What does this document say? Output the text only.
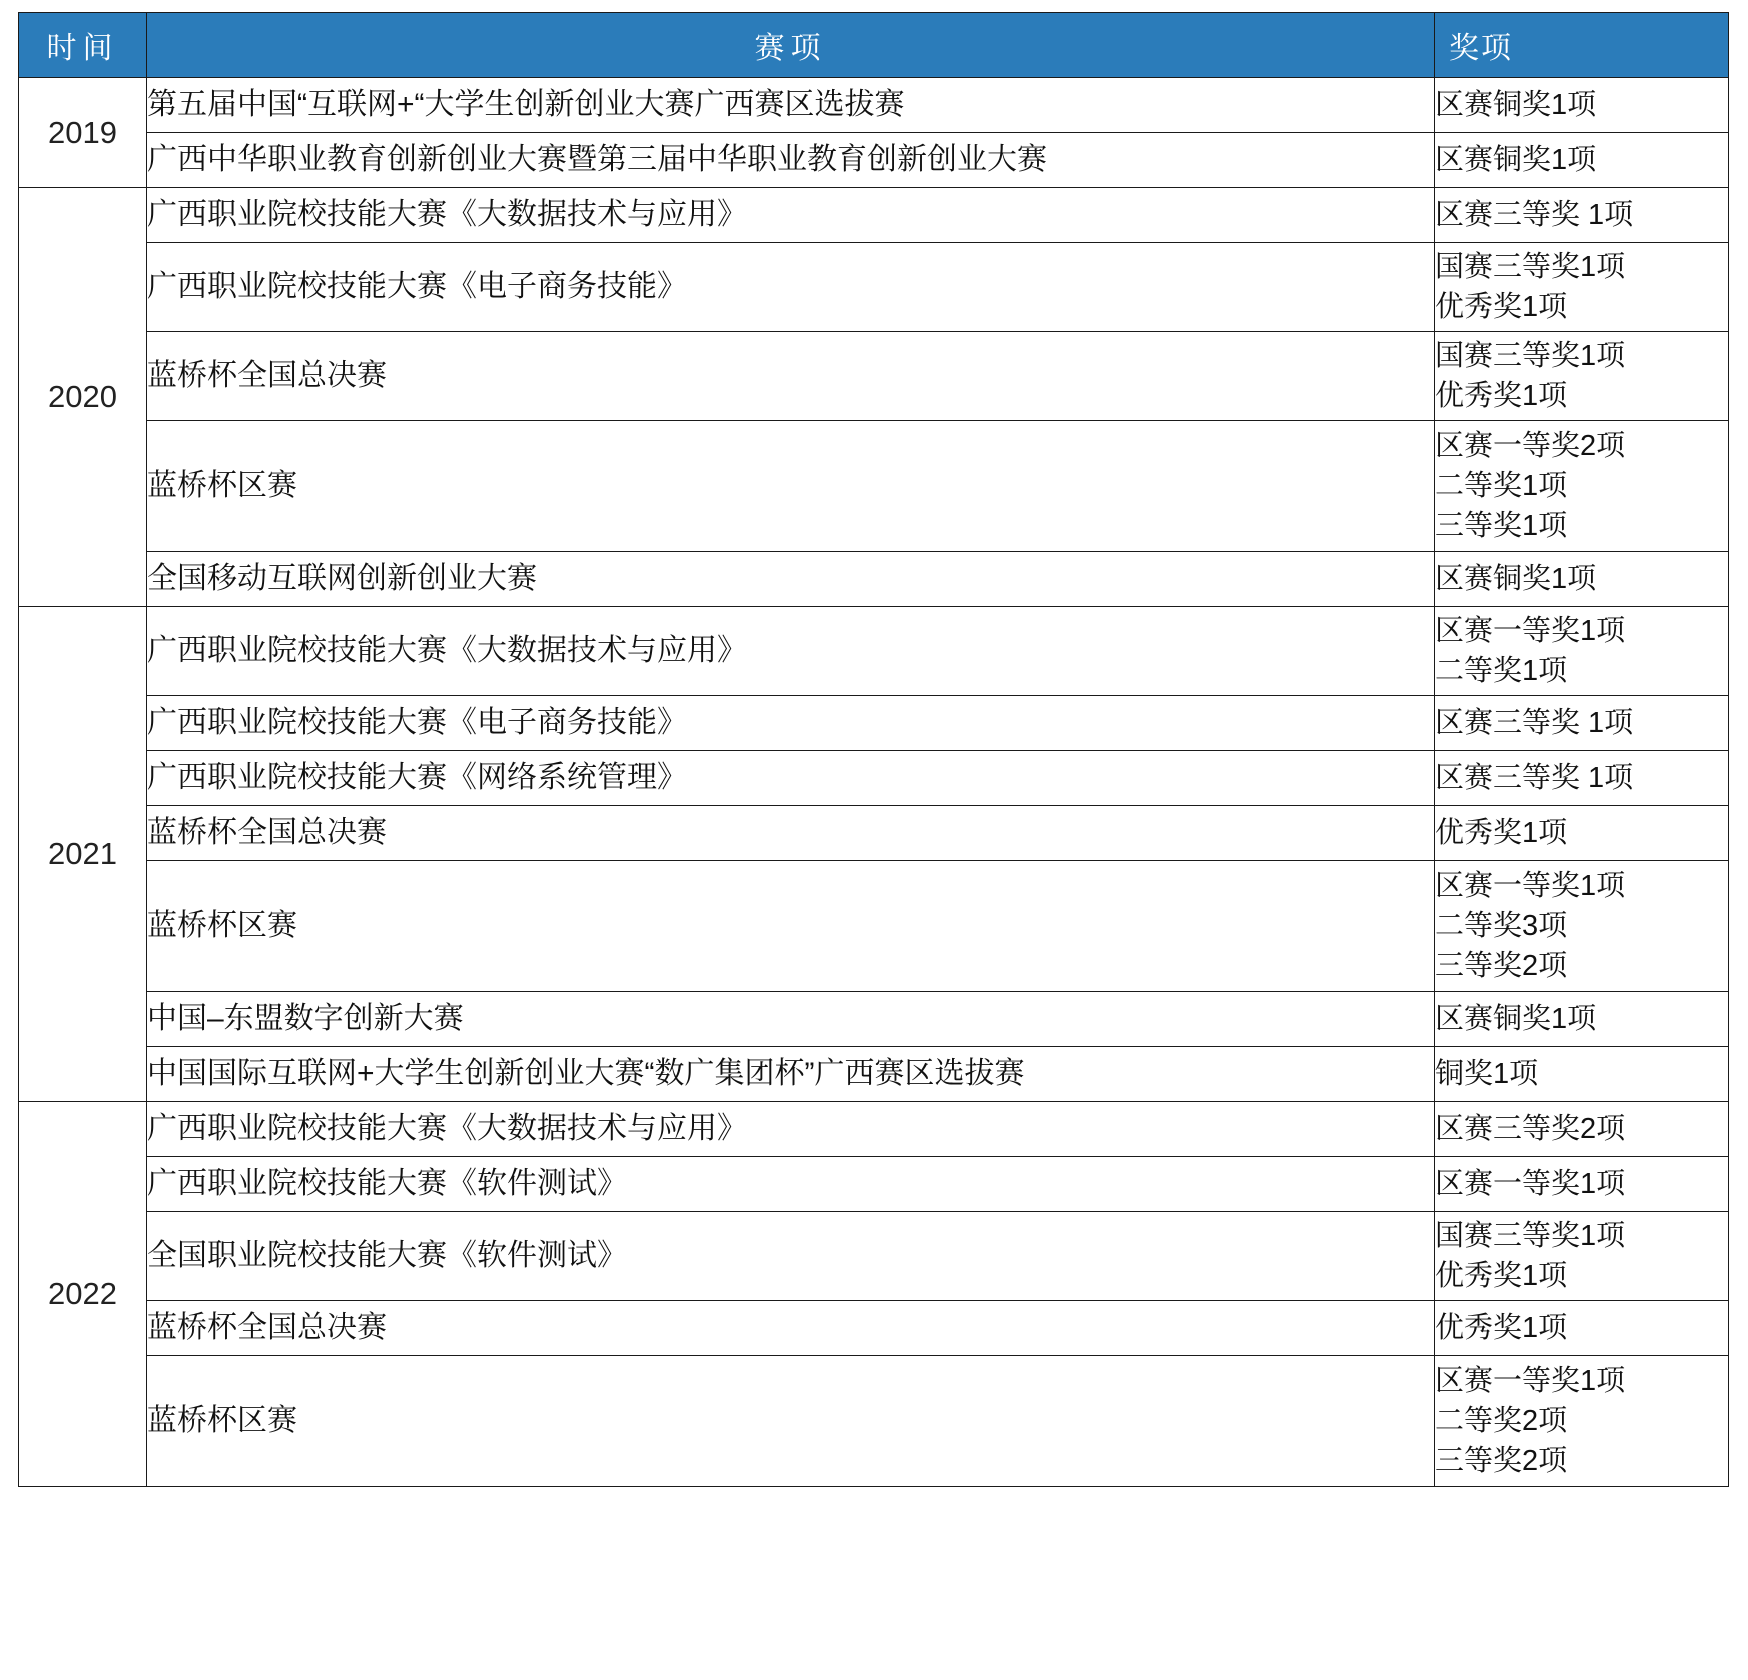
时间	赛项	奖项
2019	第五届中国“互联网+“大学生创新创业大赛广西赛区选拔赛	区赛铜奖1项

	广西中华职业教育创新创业大赛暨第三届中华职业教育创新创业大赛	区赛铜奖1项

2020	广西职业院校技能大赛《大数据技术与应用》	区赛三等奖 1项

	广西职业院校技能大赛《电子商务技能》	国赛三等奖1项
优秀奖1项

	蓝桥杯全国总决赛	国赛三等奖1项
优秀奖1项

	蓝桥杯区赛	区赛一等奖2项
二等奖1项
三等奖1项

	全国移动互联网创新创业大赛	区赛铜奖1项

2021	广西职业院校技能大赛《大数据技术与应用》	区赛一等奖1项
二等奖1项

	广西职业院校技能大赛《电子商务技能》	区赛三等奖 1项

	广西职业院校技能大赛《网络系统管理》	区赛三等奖 1项

	蓝桥杯全国总决赛	优秀奖1项

	蓝桥杯区赛	区赛一等奖1项
二等奖3项
三等奖2项

	中国–东盟数字创新大赛	区赛铜奖1项

	中国国际互联网+大学生创新创业大赛“数广集团杯”广西赛区选拔赛	铜奖1项

2022	广西职业院校技能大赛《大数据技术与应用》	区赛三等奖2项

	广西职业院校技能大赛《软件测试》	区赛一等奖1项

	全国职业院校技能大赛《软件测试》	国赛三等奖1项
优秀奖1项

	蓝桥杯全国总决赛	优秀奖1项

	蓝桥杯区赛	区赛一等奖1项
二等奖2项
三等奖2项
